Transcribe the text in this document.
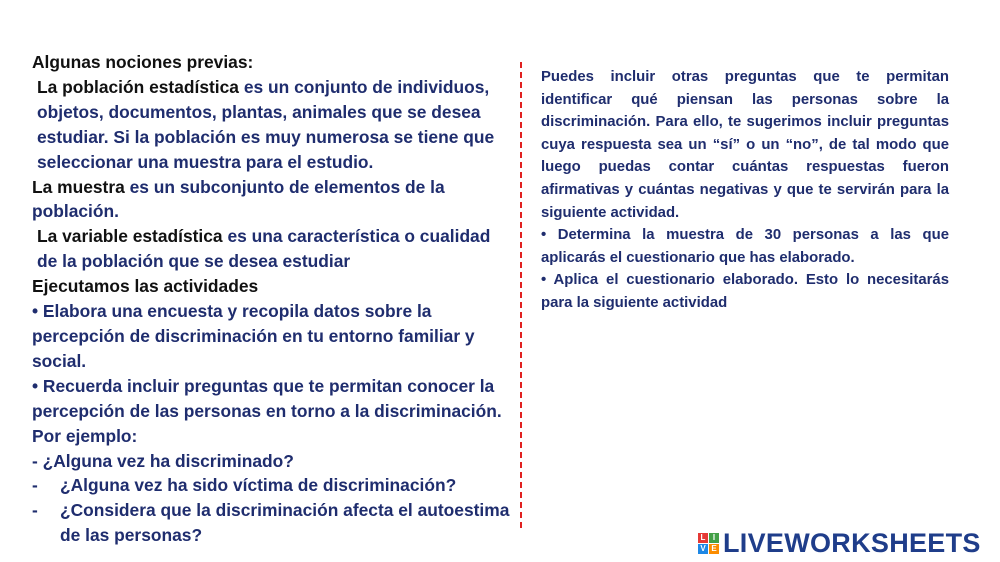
Algunas nociones previas:

La población estadística es un conjunto de individuos, objetos, documentos, plantas, animales que se desea estudiar. Si la población es muy numerosa se tiene que seleccionar una muestra para el estudio.

La muestra es un subconjunto de elementos de la población.

La variable estadística es una característica o cualidad de la población que se desea estudiar

Ejecutamos las actividades

• Elabora una encuesta y recopila datos sobre la percepción de discriminación en tu entorno familiar y social.

• Recuerda incluir preguntas que te permitan conocer la percepción de las personas en torno a la discriminación. Por ejemplo:

- ¿Alguna vez ha discriminado?

-	¿Alguna vez ha sido víctima de discriminación?
-	¿Considera que la discriminación afecta el autoestima de las personas?

Puedes incluir otras preguntas que te permitan identificar qué piensan las personas sobre la discriminación. Para ello, te sugerimos incluir preguntas cuya respuesta sea un “sí” o un “no”, de tal modo que luego puedas contar cuántas respuestas fueron afirmativas y cuántas negativas y que te servirán para la siguiente actividad.

• Determina la muestra de 30 personas a las que aplicarás el cuestionario que has elaborado.

• Aplica el cuestionario elaborado. Esto lo necesitarás para la siguiente actividad

L I
V E LIVEWORKSHEETS
